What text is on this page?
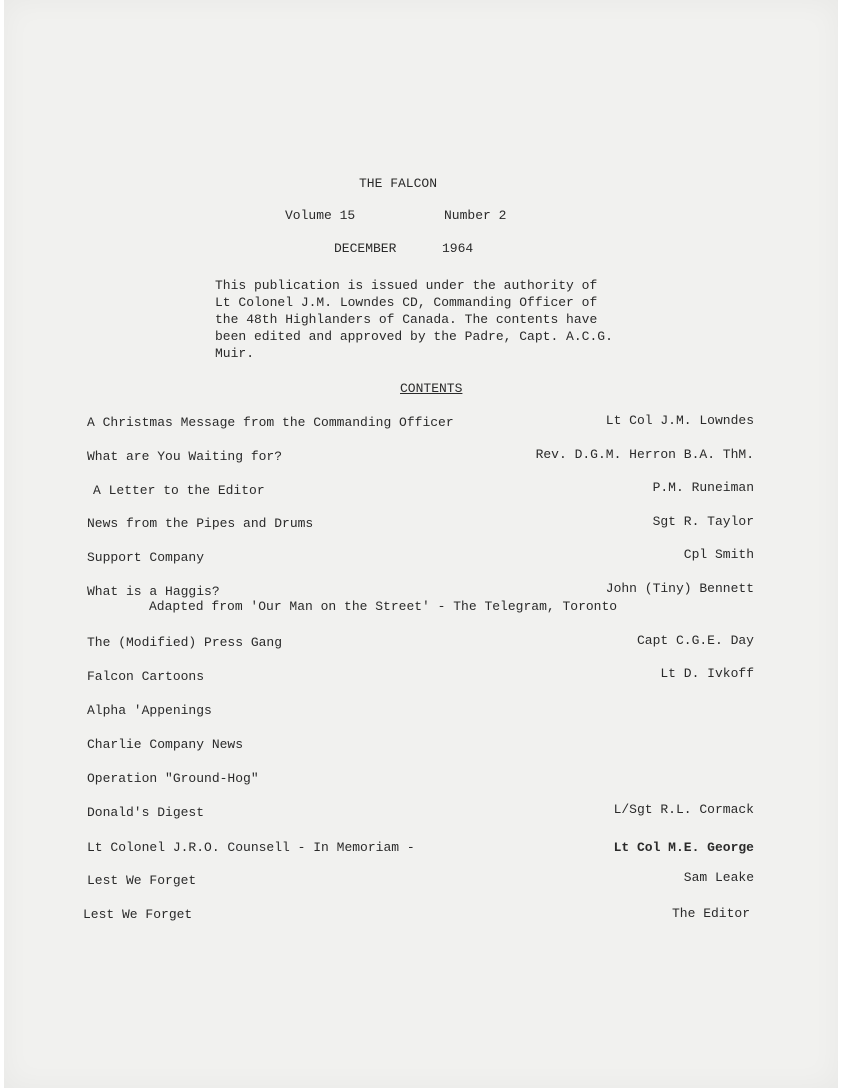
THE FALCON
Volume 15	Number 2
DECEMBER	1964
This publication is issued under the authority of
Lt Colonel J.M. Lowndes CD, Commanding Officer of
the 48th Highlanders of Canada. The contents have
been edited and approved by the Padre, Capt. A.C.G.
Muir.
CONTENTS
A Christmas Message from the Commanding Officer	Lt Col J.M. Lowndes
What are You Waiting for?	Rev. D.G.M. Herron B.A. ThM.
A Letter to the Editor	P.M. Runeiman
News from the Pipes and Drums	Sgt R. Taylor
Support Company	Cpl Smith
What is a Haggis?	John (Tiny) Bennett
Adapted from 'Our Man on the Street' - The Telegram, Toronto
The (Modified) Press Gang	Capt C.G.E. Day
Falcon Cartoons	Lt D. Ivkoff
Alpha 'Appenings
Charlie Company News
Operation "Ground-Hog"
Donald's Digest	L/Sgt R.L. Cormack
Lt Colonel J.R.O. Counsell - In Memoriam -	Lt Col M.E. George
Lest We Forget	Sam Leake
Lest We Forget	The Editor
